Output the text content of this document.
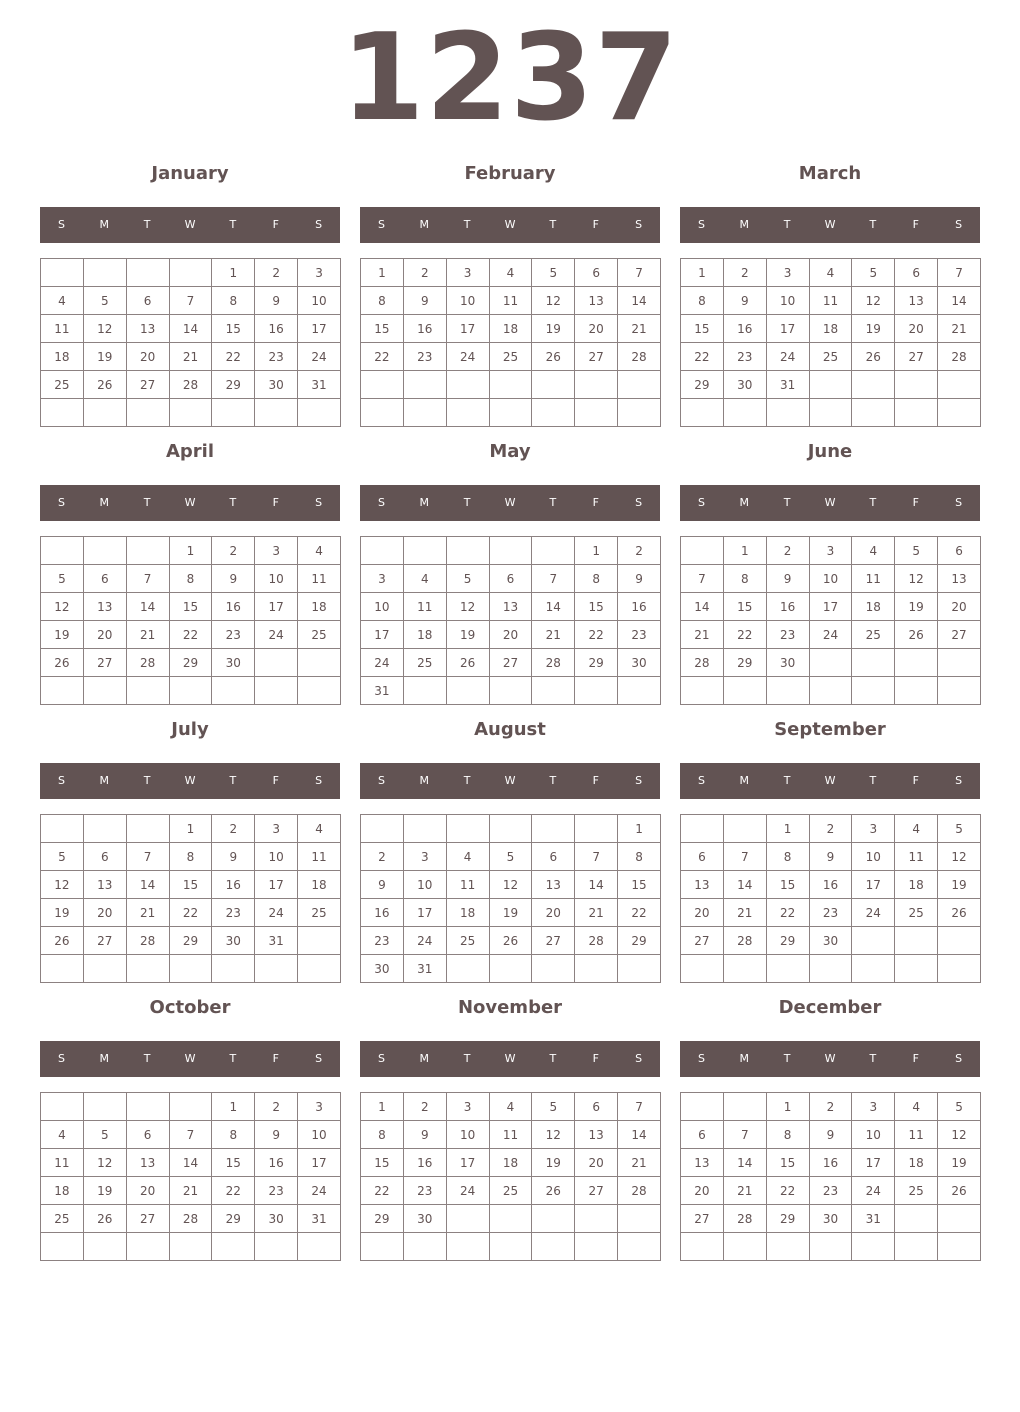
1237
January
S	M	T	W	T	F	S
				1	2	3
4	5	6	7	8	9	10
11	12	13	14	15	16	17
18	19	20	21	22	23	24
25	26	27	28	29	30	31

February
S	M	T	W	T	F	S
1	2	3	4	5	6	7
8	9	10	11	12	13	14
15	16	17	18	19	20	21
22	23	24	25	26	27	28

March
S	M	T	W	T	F	S
1	2	3	4	5	6	7
8	9	10	11	12	13	14
15	16	17	18	19	20	21
22	23	24	25	26	27	28
29	30	31				

April
S	M	T	W	T	F	S
			1	2	3	4
5	6	7	8	9	10	11
12	13	14	15	16	17	18
19	20	21	22	23	24	25
26	27	28	29	30		

May
S	M	T	W	T	F	S
					1	2
3	4	5	6	7	8	9
10	11	12	13	14	15	16
17	18	19	20	21	22	23
24	25	26	27	28	29	30
31						
June
S	M	T	W	T	F	S
	1	2	3	4	5	6
7	8	9	10	11	12	13
14	15	16	17	18	19	20
21	22	23	24	25	26	27
28	29	30				

July
S	M	T	W	T	F	S
			1	2	3	4
5	6	7	8	9	10	11
12	13	14	15	16	17	18
19	20	21	22	23	24	25
26	27	28	29	30	31	

August
S	M	T	W	T	F	S
						1
2	3	4	5	6	7	8
9	10	11	12	13	14	15
16	17	18	19	20	21	22
23	24	25	26	27	28	29
30	31					
September
S	M	T	W	T	F	S
		1	2	3	4	5
6	7	8	9	10	11	12
13	14	15	16	17	18	19
20	21	22	23	24	25	26
27	28	29	30			

October
S	M	T	W	T	F	S
				1	2	3
4	5	6	7	8	9	10
11	12	13	14	15	16	17
18	19	20	21	22	23	24
25	26	27	28	29	30	31

November
S	M	T	W	T	F	S
1	2	3	4	5	6	7
8	9	10	11	12	13	14
15	16	17	18	19	20	21
22	23	24	25	26	27	28
29	30					

December
S	M	T	W	T	F	S
		1	2	3	4	5
6	7	8	9	10	11	12
13	14	15	16	17	18	19
20	21	22	23	24	25	26
27	28	29	30	31		
